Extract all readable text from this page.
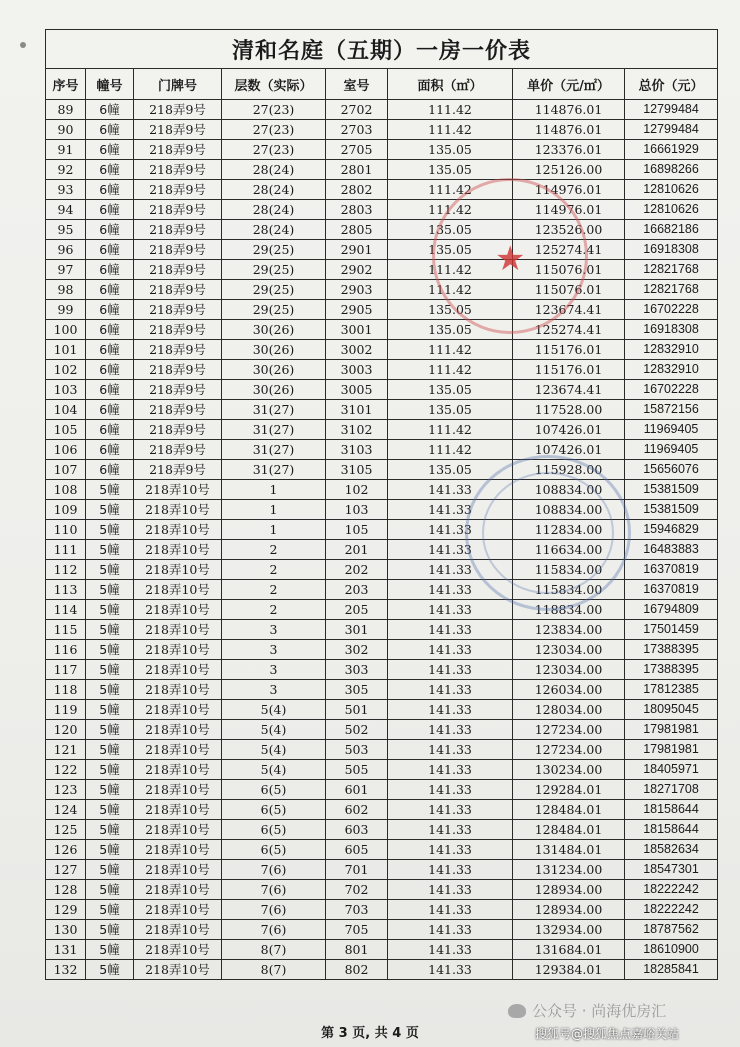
清和名庭（五期）一房一价表							
序号	幢号	门牌号	层数（实际）	室号	面积（㎡）	单价（元/㎡）	总价（元）
89	6幢	218弄9号	27(23)	2702	111.42	114876.01	12799484
90	6幢	218弄9号	27(23)	2703	111.42	114876.01	12799484
91	6幢	218弄9号	27(23)	2705	135.05	123376.01	16661929
92	6幢	218弄9号	28(24)	2801	135.05	125126.00	16898266
93	6幢	218弄9号	28(24)	2802	111.42	114976.01	12810626
94	6幢	218弄9号	28(24)	2803	111.42	114976.01	12810626
95	6幢	218弄9号	28(24)	2805	135.05	123526.00	16682186
96	6幢	218弄9号	29(25)	2901	135.05	125274.41	16918308
97	6幢	218弄9号	29(25)	2902	111.42	115076.01	12821768
98	6幢	218弄9号	29(25)	2903	111.42	115076.01	12821768
99	6幢	218弄9号	29(25)	2905	135.05	123674.41	16702228
100	6幢	218弄9号	30(26)	3001	135.05	125274.41	16918308
101	6幢	218弄9号	30(26)	3002	111.42	115176.01	12832910
102	6幢	218弄9号	30(26)	3003	111.42	115176.01	12832910
103	6幢	218弄9号	30(26)	3005	135.05	123674.41	16702228
104	6幢	218弄9号	31(27)	3101	135.05	117528.00	15872156
105	6幢	218弄9号	31(27)	3102	111.42	107426.01	11969405
106	6幢	218弄9号	31(27)	3103	111.42	107426.01	11969405
107	6幢	218弄9号	31(27)	3105	135.05	115928.00	15656076
108	5幢	218弄10号	1	102	141.33	108834.00	15381509
109	5幢	218弄10号	1	103	141.33	108834.00	15381509
110	5幢	218弄10号	1	105	141.33	112834.00	15946829
111	5幢	218弄10号	2	201	141.33	116634.00	16483883
112	5幢	218弄10号	2	202	141.33	115834.00	16370819
113	5幢	218弄10号	2	203	141.33	115834.00	16370819
114	5幢	218弄10号	2	205	141.33	118834.00	16794809
115	5幢	218弄10号	3	301	141.33	123834.00	17501459
116	5幢	218弄10号	3	302	141.33	123034.00	17388395
117	5幢	218弄10号	3	303	141.33	123034.00	17388395
118	5幢	218弄10号	3	305	141.33	126034.00	17812385
119	5幢	218弄10号	5(4)	501	141.33	128034.00	18095045
120	5幢	218弄10号	5(4)	502	141.33	127234.00	17981981
121	5幢	218弄10号	5(4)	503	141.33	127234.00	17981981
122	5幢	218弄10号	5(4)	505	141.33	130234.00	18405971
123	5幢	218弄10号	6(5)	601	141.33	129284.01	18271708
124	5幢	218弄10号	6(5)	602	141.33	128484.01	18158644
125	5幢	218弄10号	6(5)	603	141.33	128484.01	18158644
126	5幢	218弄10号	6(5)	605	141.33	131484.01	18582634
127	5幢	218弄10号	7(6)	701	141.33	131234.00	18547301
128	5幢	218弄10号	7(6)	702	141.33	128934.00	18222242
129	5幢	218弄10号	7(6)	703	141.33	128934.00	18222242
130	5幢	218弄10号	7(6)	705	141.33	132934.00	18787562
131	5幢	218弄10号	8(7)	801	141.33	131684.01	18610900
132	5幢	218弄10号	8(7)	802	141.33	129384.01	18285841
★
第 3 页, 共 4 页
公众号 · 尚海优房汇
搜狐号@搜狐焦点嘉峪关站
